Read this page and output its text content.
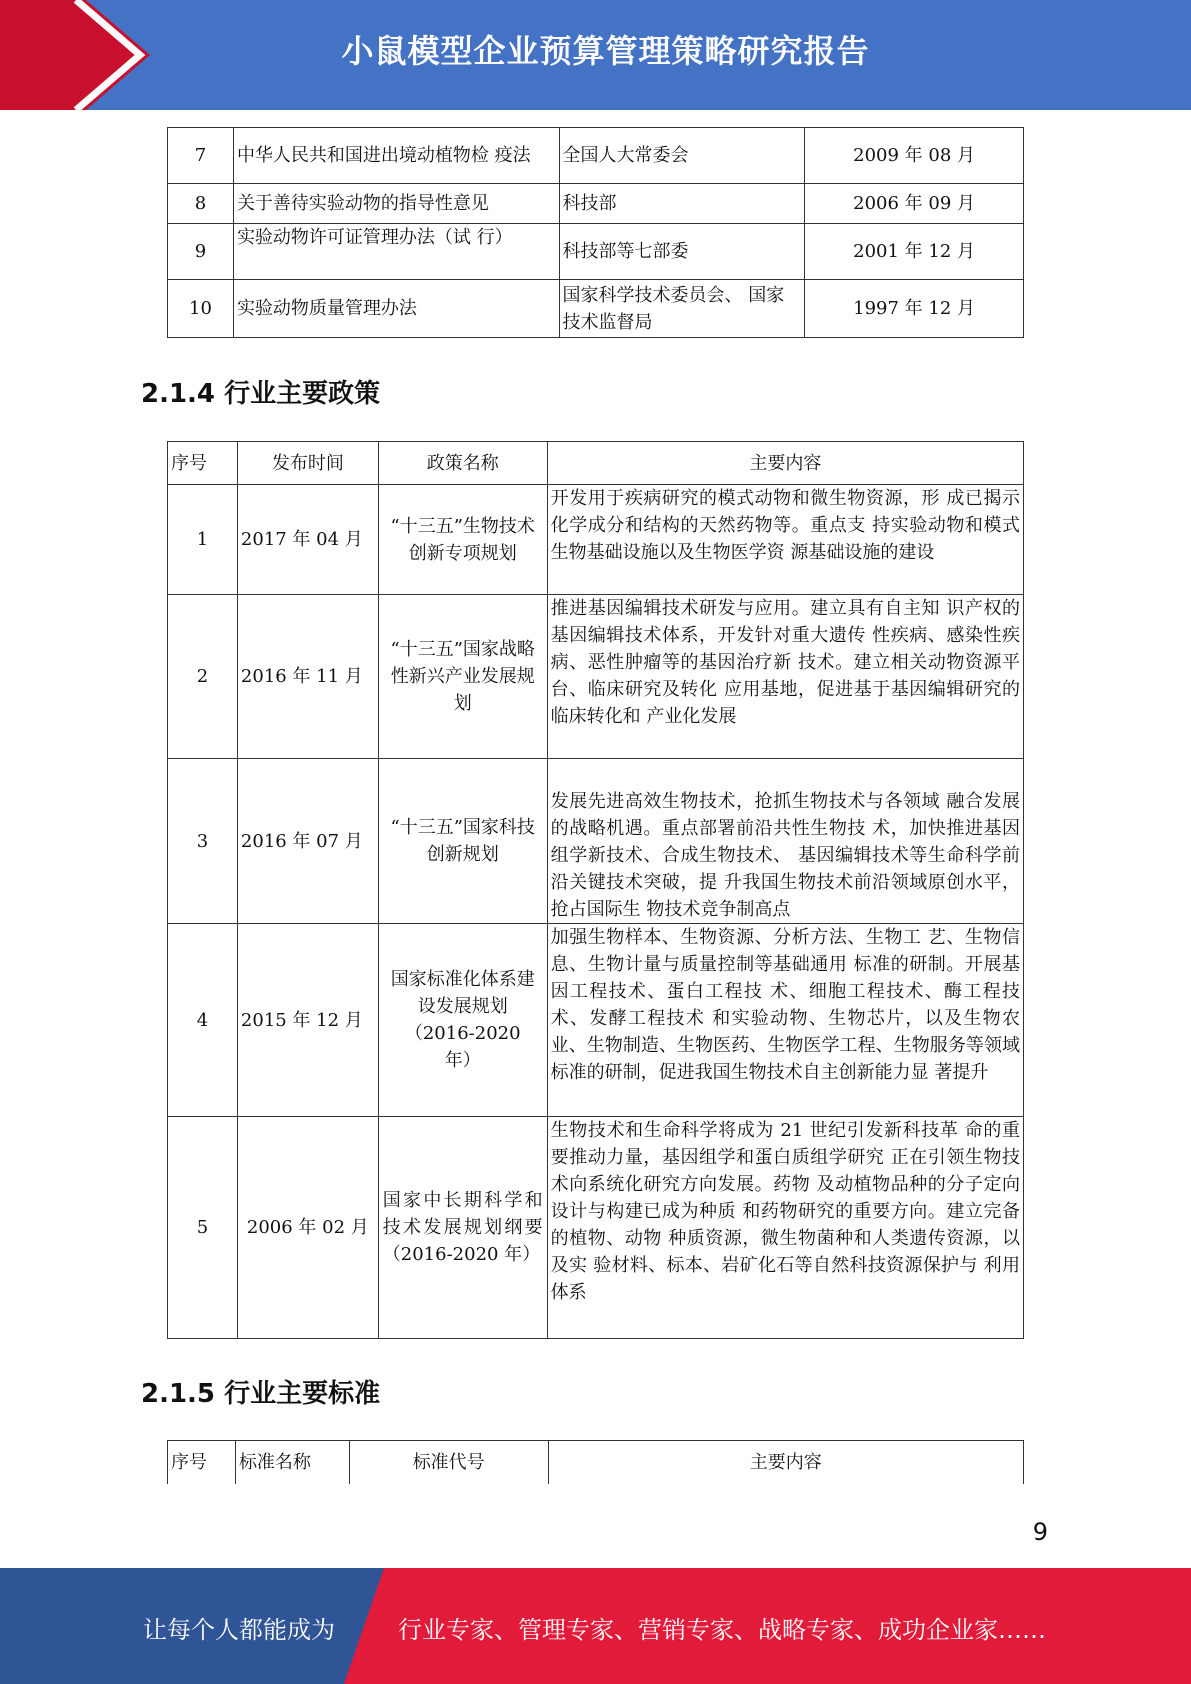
小鼠模型企业预算管理策略研究报告
7	中华人民共和国进出境动植物检 疫法	全国人大常委会	2009 年 08 月
8	关于善待实验动物的指导性意见	科技部	2006 年 09 月
9	实验动物许可证管理办法（试 行）	科技部等七部委	2001 年 12 月
10	实验动物质量管理办法	国家科学技术委员会、 国家技术监督局	1997 年 12 月
2.1.4 行业主要政策
序号	发布时间	政策名称	主要内容
1	2017 年 04 月	“十三五”生物技术创新专项规划	开发用于疾病研究的模式动物和微生物资源，形 成已揭示化学成分和结构的天然药物等。重点支 持实验动物和模式生物基础设施以及生物医学资 源基础设施的建设
2	2016 年 11 月	“十三五”国家战略性新兴产业发展规划	推进基因编辑技术研发与应用。建立具有自主知 识产权的基因编辑技术体系，开发针对重大遗传 性疾病、感染性疾病、恶性肿瘤等的基因治疗新 技术。建立相关动物资源平台、临床研究及转化 应用基地，促进基于基因编辑研究的临床转化和 产业化发展
3	2016 年 07 月	“十三五”国家科技创新规划	发展先进高效生物技术，抢抓生物技术与各领域 融合发展的战略机遇。重点部署前沿共性生物技 术，加快推进基因组学新技术、合成生物技术、 基因编辑技术等生命科学前沿关键技术突破，提 升我国生物技术前沿领域原创水平，抢占国际生 物技术竞争制高点
4	2015 年 12 月	国家标准化体系建设发展规划（2016-2020 年）	加强生物样本、生物资源、分析方法、生物工 艺、生物信息、生物计量与质量控制等基础通用 标准的研制。开展基因工程技术、蛋白工程技 术、细胞工程技术、酶工程技术、发酵工程技术 和实验动物、生物芯片，以及生物农业、生物制造、生物医药、生物医学工程、生物服务等领域 标准的研制，促进我国生物技术自主创新能力显 著提升
5	2006 年 02 月	国家中长期科学和技术发展规划纲要 （2016-2020 年）	生物技术和生命科学将成为 21 世纪引发新科技革 命的重要推动力量，基因组学和蛋白质组学研究 正在引领生物技术向系统化研究方向发展。药物 及动植物品种的分子定向设计与构建已成为种质 和药物研究的重要方向。建立完备的植物、动物 种质资源，微生物菌种和人类遗传资源，以及实 验材料、标本、岩矿化石等自然科技资源保护与 利用体系
2.1.5 行业主要标准
序号	标准名称	标准代号	主要内容
9
让每个人都能成为	行业专家、管理专家、营销专家、战略专家、成功企业家……
